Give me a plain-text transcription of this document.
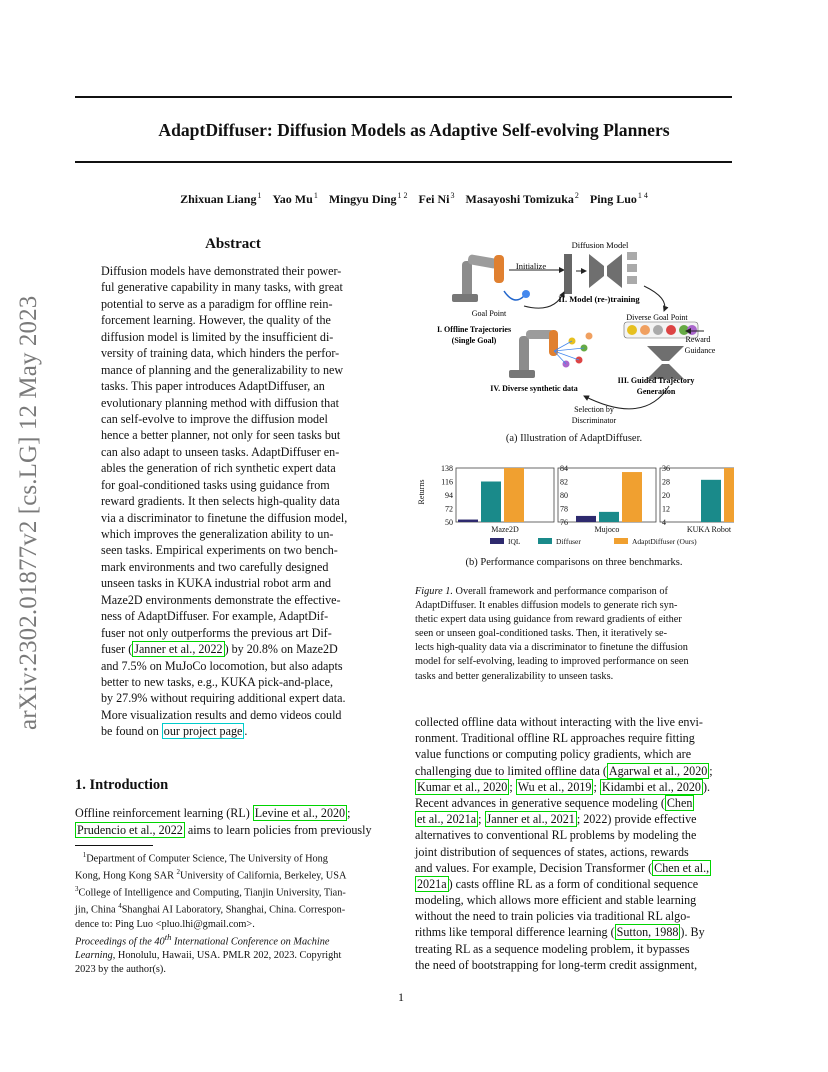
AdaptDiffuser: Diffusion Models as Adaptive Self-evolving Planners
Zhixuan Liang$^1$ Yao Mu$^1$ Mingyu Ding$^{1 2}$ Fei Ni$^3$ Masayoshi Tomizuka$^2$ Ping Luo$^{1 4}$
arXiv:2302.01877v2 [cs.LG] 12 May 2023
Abstract
Diffusion models have demonstrated their power-
ful generative capability in many tasks, with great
potential to serve as a paradigm for offline rein-
forcement learning. However, the quality of the
diffusion model is limited by the insufficient di-
versity of training data, which hinders the perfor-
mance of planning and the generalizability to new
tasks. This paper introduces AdaptDiffuser, an
evolutionary planning method with diffusion that
can self-evolve to improve the diffusion model
hence a better planner, not only for seen tasks but
can also adapt to unseen tasks. AdaptDiffuser en-
ables the generation of rich synthetic expert data
for goal-conditioned tasks using guidance from
reward gradients. It then selects high-quality data
via a discriminator to finetune the diffusion model,
which improves the generalization ability to un-
seen tasks. Empirical experiments on two bench-
mark environments and two carefully designed
unseen tasks in KUKA industrial robot arm and
Maze2D environments demonstrate the effective-
ness of AdaptDiffuser. For example, AdaptDif-
fuser not only outperforms the previous art Dif-
fuser ( Janner et al., 2022 ) by 20.8% on Maze2D
and 7.5% on MuJoCo locomotion, but also adapts
better to new tasks, e.g., KUKA pick-and-place,
by 27.9% without requiring additional expert data.
More visualization results and demo videos could
be found on our project page .
1. Introduction
Offline reinforcement learning (RL) Levine et al., 2020 ;
Prudencio et al., 2022 aims to learn policies from previously
$^1$Department of Computer Science, The University of Hong
Kong, Hong Kong SAR $^2$University of California, Berkeley, USA
$^3$College of Intelligence and Computing, Tianjin University, Tian-
jin, China $^4$Shanghai AI Laboratory, Shanghai, China. Correspon-
dence to: Ping Luo <pluo.lhi@gmail.com>.
Proceedings of the 40th International Conference on Machine
Learning, Honolulu, Hawaii, USA. PMLR 202, 2023. Copyright
2023 by the author(s).
1
Diffusion Model
Initialize
Goal Point
II. Model (re-)training
Diverse Goal Point
I. Offline Trajectories
(Single Goal)	Reward
Guidance
III. Guided Trajectory
Generation
IV. Diverse synthetic data
Selection by
Discriminator
(a) Illustration of AdaptDiffuser.
Returns
138
116
94
72
50
Maze2D
84
82
80
78
76
Mujoco
36
28
20
12
4
KUKA Robot
IQL	Diffuser	AdaptDiffuser (Ours)
(b) Performance comparisons on three benchmarks.
Figure 1. Overall framework and performance comparison of
AdaptDiffuser. It enables diffusion models to generate rich syn-
thetic expert data using guidance from reward gradients of either
seen or unseen goal-conditioned tasks. Then, it iteratively se-
lects high-quality data via a discriminator to finetune the diffusion
model for self-evolving, leading to improved performance on seen
tasks and better generalizability to unseen tasks.
collected offline data without interacting with the live envi-
ronment. Traditional offline RL approaches require fitting
value functions or computing policy gradients, which are
challenging due to limited offline data ( Agarwal et al., 2020 ;
Kumar et al., 2020 ; Wu et al., 2019 ; Kidambi et al., 2020 ).
Recent advances in generative sequence modeling ( Chen
et al., 2021a ; Janner et al., 2021 ; 2022) provide effective
alternatives to conventional RL problems by modeling the
joint distribution of sequences of states, actions, rewards
and values. For example, Decision Transformer ( Chen et al.,
2021a ) casts offline RL as a form of conditional sequence
modeling, which allows more efficient and stable learning
without the need to train policies via traditional RL algo-
rithms like temporal difference learning ( Sutton, 1988 ). By
treating RL as a sequence modeling problem, it bypasses
the need of bootstrapping for long-term credit assignment,
